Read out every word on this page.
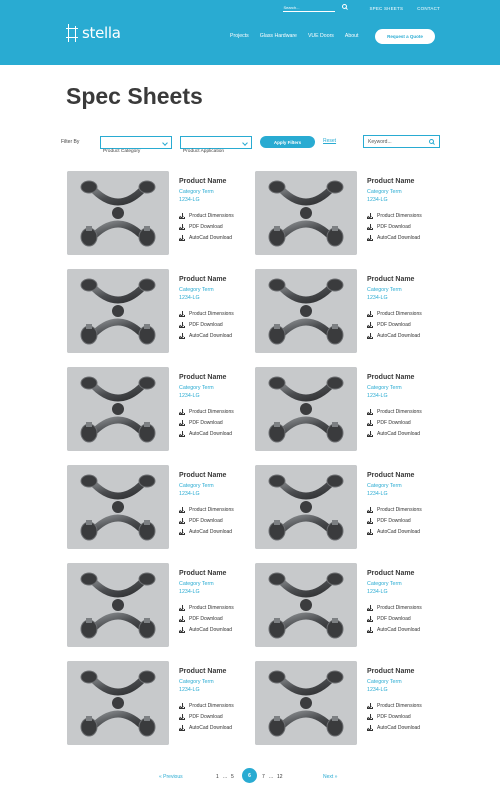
Search...	SPEC SHEETS	CONTACT
stella	Projects Glass Hardware VUE Doors About	Request a Quote
Spec Sheets
Filter By
Product Category	Product Application
Apply Filters	Reset	Keyword...
Product Name
Category Term
1234-LG
Product Dimensions
PDF Download
AutoCad Download
Product Name
Category Term
1234-LG
Product Dimensions
PDF Download
AutoCad Download
Product Name
Category Term
1234-LG
Product Dimensions
PDF Download
AutoCad Download
Product Name
Category Term
1234-LG
Product Dimensions
PDF Download
AutoCad Download
Product Name
Category Term
1234-LG
Product Dimensions
PDF Download
AutoCad Download
Product Name
Category Term
1234-LG
Product Dimensions
PDF Download
AutoCad Download
Product Name
Category Term
1234-LG
Product Dimensions
PDF Download
AutoCad Download
Product Name
Category Term
1234-LG
Product Dimensions
PDF Download
AutoCad Download
Product Name
Category Term
1234-LG
Product Dimensions
PDF Download
AutoCad Download
Product Name
Category Term
1234-LG
Product Dimensions
PDF Download
AutoCad Download
Product Name
Category Term
1234-LG
Product Dimensions
PDF Download
AutoCad Download
Product Name
Category Term
1234-LG
Product Dimensions
PDF Download
AutoCad Download
« Previous	1 ... 5	6	7 ... 12	Next »
